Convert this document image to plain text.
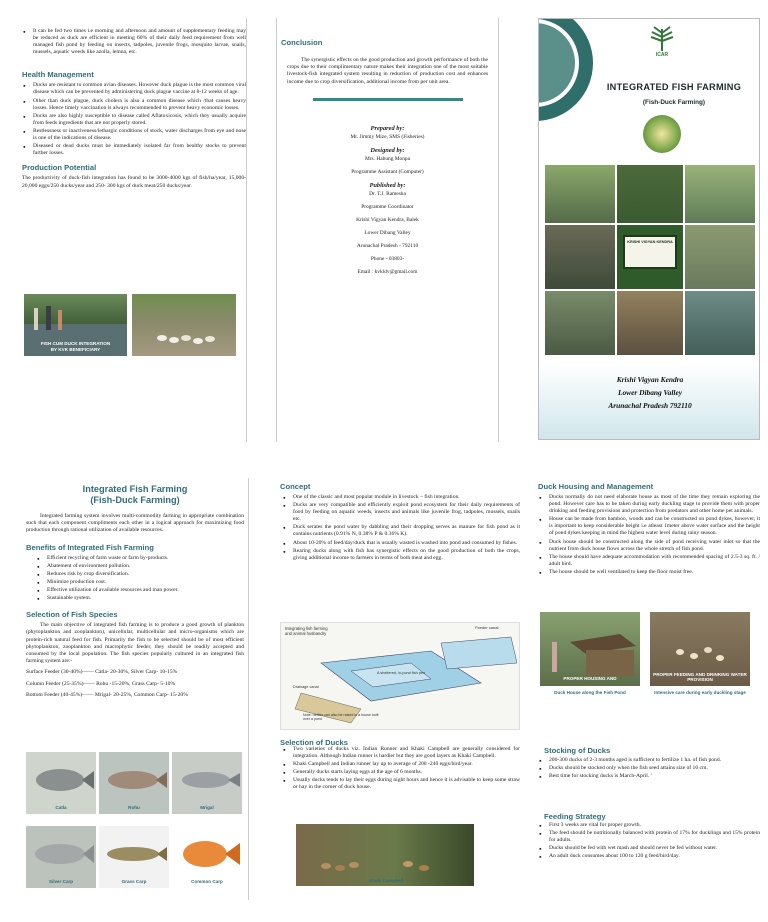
● It can be fed two times i.e morning and afternoon and amount of supplementary feeding may be reduced as duck are efficient in meeting 60% of their daily feed requirement from well managed fish pond by feeding on insects, tadpoles, juvenile frogs, mosquito larvae, snails, mussels, aquatic weeds like azolla, lemna, etc.
Health Management
● Ducks are resistant to common avian diseases. However duck plague is the most common viral disease which can be prevented by administering duck plague vaccine at 8-12 weeks of age.
● Other than duck plague, duck cholera is also a common disease which /that causes heavy losses. Hence timely vaccination is always recommended to prevent heavy economic losses.
● Ducks are also highly susceptible to disease called Aflatoxicosis, which they usually acquire from feeds ingredients that are not properly stored.
● Restlessness or inactiveness/lethargic conditions of stock, water discharges from eye and nose is one of the indications of disease.
● Diseased or dead ducks must be immediately isolated far from healthy stocks to prevent farther losses.
Production Potential
The productivity of duck-fish integration has found to be 3000-4000 kgs of fish/ha/year, 15,000-20,000 eggs/250 ducks/year and 250- 300 kgs of duck meat/250 ducks/year.
FISH CUM DUCK INTEGRATION
BY KVK BENEFICIARY
Conclusion
The synergistic effects on the good production and growth performance of both the crops due to their complimentary nature makes their integration one of the most suitable livestock-fish integrated system resulting in reduction of production cost and enhances income due to crop diversification, additional income from per unit area.
Prepared by:
Mr. Jimmy Mize, SMS (Fisheries)
Designed by:
Mrs. Habung Monpa
Programme Assistant (Computer)
Published by:
Dr. T.J. Ramesha
Programme Coordinator
Krishi Vigyan Kendra, Balek
Lower Dibang Valley
Arunachal Pradesh - 792110
Phone - 03803-
Email : kvkldv@gmail.com
ICAR
INTEGRATED FISH FARMING
(Fish-Duck Farming)
KRISHI VIGYAN KENDRA
Krishi Vigyan Kendra
Lower Dibang Valley
Arunachal Pradesh 792110
Integrated Fish Farming
(Fish-Duck Farming)
Integrated farming system involves multi-commodity farming in appropriate combination such that each component compliments each other in a logical approach for maximizing food production through rational utilization of available resources.
Benefits of Integrated Fish Farming
● Efficient recycling of farm waste or farm by-products.
● Abatement of environment pollution.
● Reduces risk by crop diversification.
● Minimize production cost.
● Effective utilization of available resources and man power.
● Sustainable system.
Selection of Fish Species
The main objective of integrated fish farming is to produce a good growth of plankton (phytoplankton and zooplankton), unicellular, multicellular and micro-organisms which are protein-rich natural feed for fish. Primarily the fish to be selected should be of most efficient phytoplankton, zooplankton and macrophytic feeder, they should be readily accepted and consumed by the local population. The fish species popularly cultured in an integrated fish farming system are:-
Surface Feeder (30-40%)—— Catla- 20-30%, Silver Carp- 10-15%
Column Feeder (25-35%)—— Rohu -15-20%, Grass Carp- 5-10%
Bottom Feeder (40-45%)—— Mrigal- 20-25%, Common Carp- 15-20%
Catla	Rohu	Mrigal
Silver Carp	Grass Carp	Common Carp
Concept
● One of the classic and most popular module in livestock – fish integration.
● Ducks are very compatible and efficiently exploit pond ecosystem for their daily requirements of food by feeding on aquatic weeds, insects and animals like juvenile frog, tadpoles, mussels, snails etc.
● Duck serates the pond water by dabbling and their dropping serves as manure for fish pond as it contains nutrients (0.91% N, 0.38% P & 0.36% K).
● About 10-20% of feed/day/duck that is usually wasted is washed into pond and consumed by fishes.
● Rearing ducks along with fish has synergistic effects on the good production of both the crops, giving additional income to farmers in terms of both meat and egg.
Integrating fish farming
and animal husbandry
Feeder canal
A sheltered, in-pond fish pen
Drainage canal
Note: nettles can also be raised in a house built over a pond
Selection of Ducks
● Two varieties of ducks viz. Indian Runner and Khaki Campbell are generally considered for integration. Although Indian runner is hardier but they are good layers as Khaki Campbell.
● Khaki Campbell and Indian runner lay up to average of 200 -240 eggs/bird/year.
● Generally ducks starts laying eggs at the age of 6 months.
● Usually ducks tends to lay their eggs during night hours and hence it is advisable to keep some straw or hay in the corner of duck house.
Khaki Campbell
Duck Housing and Management
● Ducks normally do not need elaborate house as most of the time they remain exploring the pond. However care has to be taken during early duckling stage to provide them with proper drinking and feeding provisions and protection from predators and other home pet animals.
● House can be made from bamboo, woods and can be constructed on pond dykes, however, it is important to keep considerable height i.e atleast 1meter above water surface and the height of pond dykes keeping in mind the highest water level during rainy season.
● Duck house should be constructed along the side of pond receiving water inlet so that the nutrient from duck house flows across the whole stretch of fish pond.
● The house should have adequate accommodation with recommended spacing of 2.5-3 sq. ft. / adult bird.
● The house should be well ventilated to keep the floor moist free.
PROPER HOUSING AND
PROPER FEEDING AND DRINKING WATER PROVISION
Duck House along the Fish Pond	Intensive care during early duckling stage
Stocking of Ducks
● 200-300 ducks of 2-3 months aged is sufficient to fertilize 1 ha. of fish pond.
● Ducks should be stocked only when the fish seed attains size of 10 cm.
● Best time for stocking ducks is March-April. '
Feeding Strategy
● First 3 weeks are vital for proper growth.
● The feed should be nutritionally balanced with protein of 17% for ducklings and 15% protein for adults.
● Ducks should be fed with wet mash and should never be fed without water.
● An adult duck consumes about 100 to 120 g feed/bird/day.
